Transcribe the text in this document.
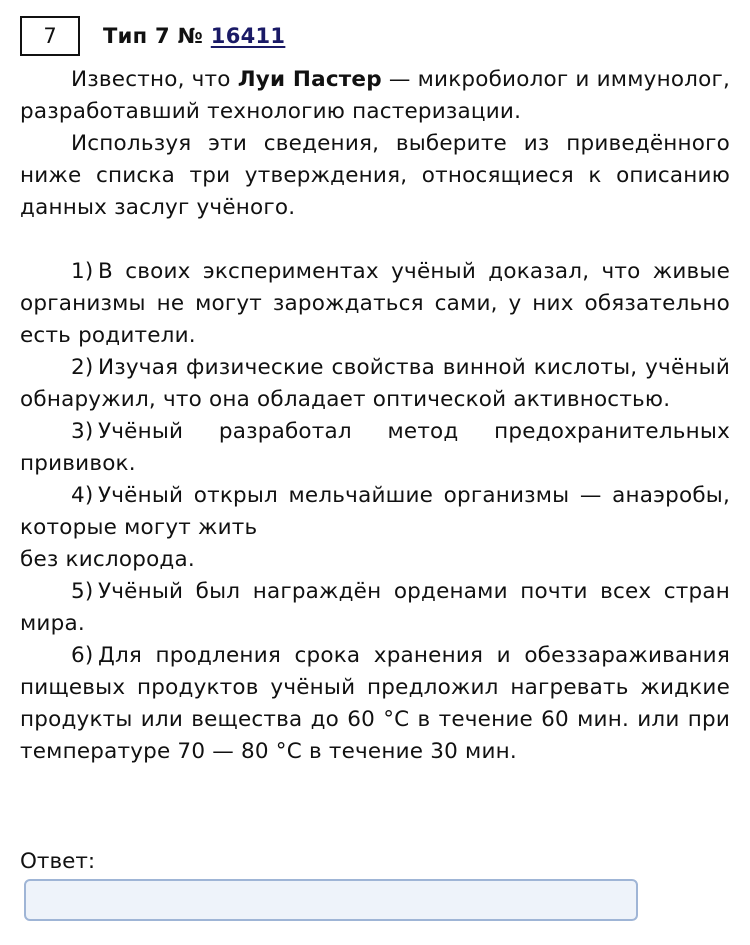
7	Тип 7 № 16411

Известно, что Луи Пастер — микробиолог и иммунолог, разработавший технологию пастеризации.

Используя эти сведения, выберите из приведённого ниже списка три утверждения, относящиеся к описанию данных заслуг учёного.

1)  В своих экспериментах учёный доказал, что живые организмы не могут зарождаться сами, у них обязательно есть родители.

2)  Изучая физические свойства винной кислоты, учёный обнаружил, что она обладает оптической активностью.

3)  Учёный разработал метод предохранительных прививок.

4)  Учёный открыл мельчайшие организмы — анаэробы, которые могут жить
без кислорода.

5)  Учёный был награждён орденами почти всех стран мира.

6)  Для продления срока хранения и обеззараживания пищевых продуктов учёный предложил нагревать жидкие продукты или вещества до 60 °С в течение 60 мин. или при температуре 70 — 80 °С в течение 30 мин.

Ответ:
